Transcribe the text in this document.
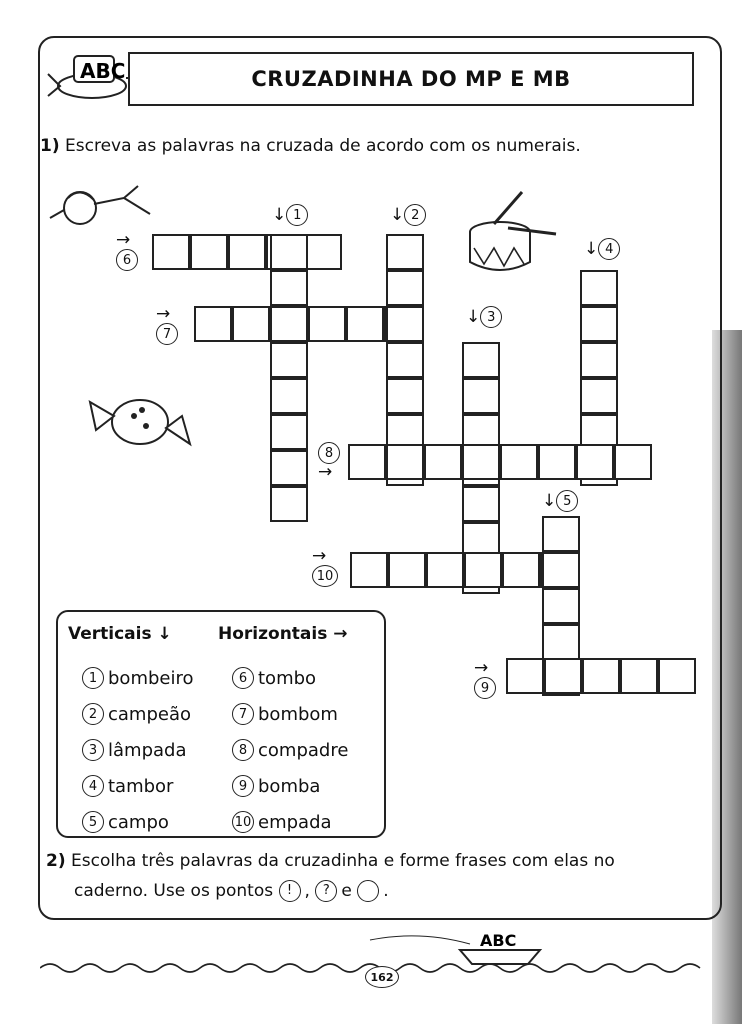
ABC	CRUZADINHA DO MP E MB
1) Escreva as palavras na cruzada de acordo com os numerais.
↓ 1	↓ 2
↓ 3
↓ 4
↓ 5
→
6
→
7
8
→
→
9
→
10
Verticais ↓	Horizontais →
1 bombeiro
2 campeão
3 lâmpada
4 tambor
5 campo
6 tombo
7 bombom
8 compadre
9 bomba
10 empada
2) Escolha três palavras da cruzadinha e forme frases com elas no
caderno. Use os pontos ! , ? e .
ABC
162
